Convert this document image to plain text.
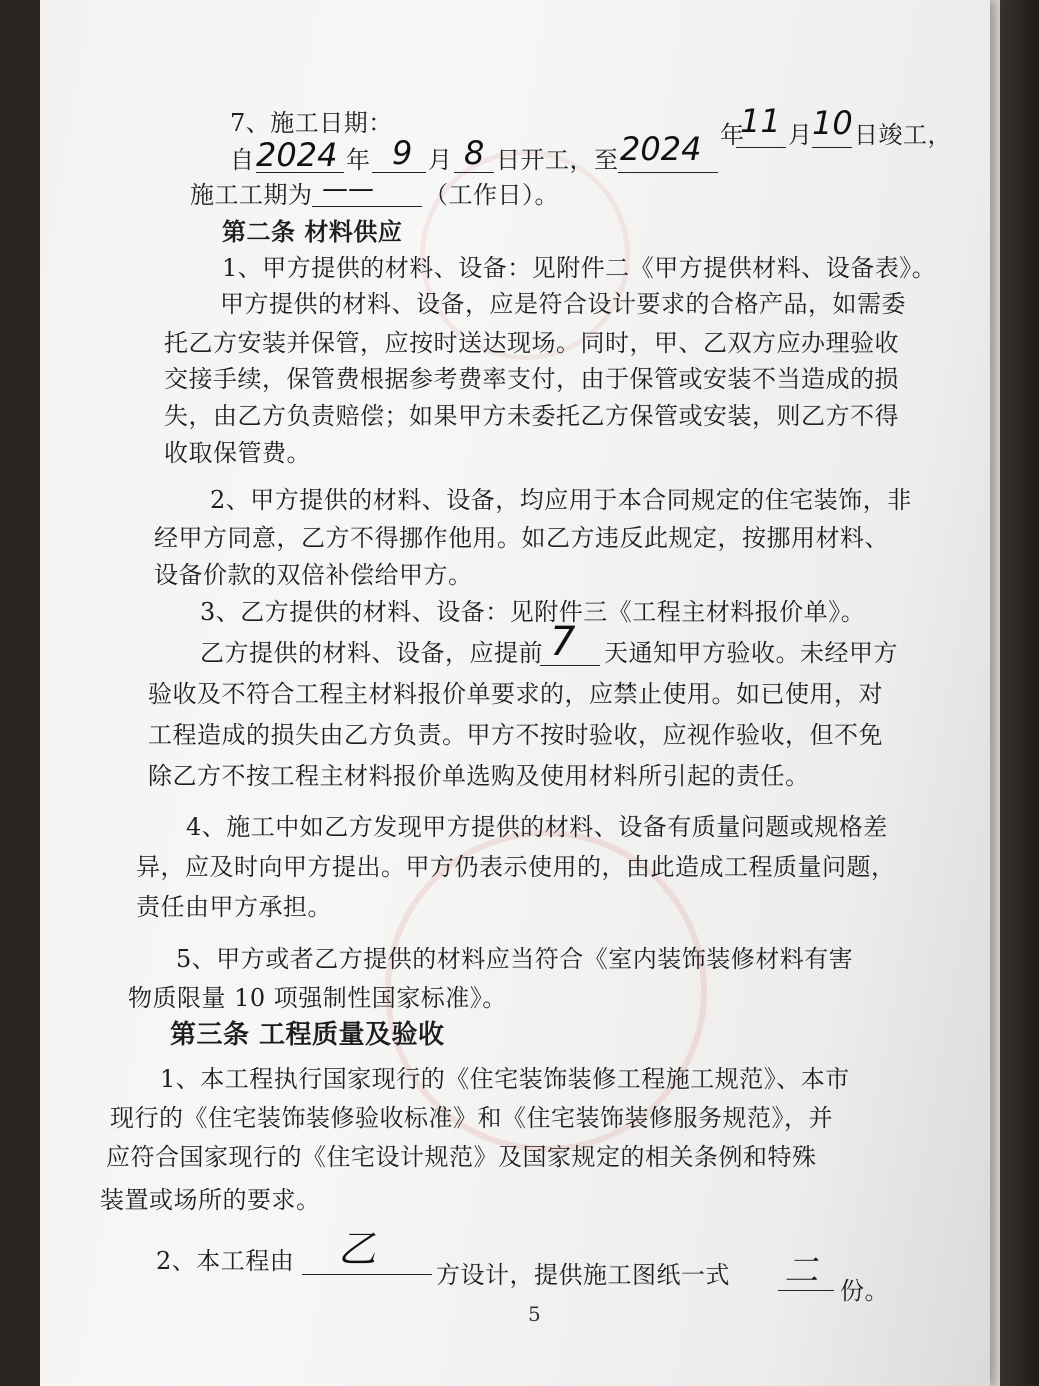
7、施工日期：
自 2024 年 9 月 8 日开工，至 2024 年
11 月 10 日竣工，
施工工期为 —— （工作日）。
第二条 材料供应
1、甲方提供的材料、设备：见附件二《甲方提供材料、设备表》。
甲方提供的材料、设备，应是符合设计要求的合格产品，如需委
托乙方安装并保管，应按时送达现场。同时，甲、乙双方应办理验收
交接手续，保管费根据参考费率支付，由于保管或安装不当造成的损
失，由乙方负责赔偿；如果甲方未委托乙方保管或安装，则乙方不得
收取保管费。
2、甲方提供的材料、设备，均应用于本合同规定的住宅装饰，非
经甲方同意，乙方不得挪作他用。如乙方违反此规定，按挪用材料、
设备价款的双倍补偿给甲方。
3、乙方提供的材料、设备：见附件三《工程主材料报价单》。
乙方提供的材料、设备，应提前 7 天通知甲方验收。未经甲方
验收及不符合工程主材料报价单要求的，应禁止使用。如已使用，对
工程造成的损失由乙方负责。甲方不按时验收，应视作验收，但不免
除乙方不按工程主材料报价单选购及使用材料所引起的责任。
4、施工中如乙方发现甲方提供的材料、设备有质量问题或规格差
异，应及时向甲方提出。甲方仍表示使用的，由此造成工程质量问题，
责任由甲方承担。
5、甲方或者乙方提供的材料应当符合《室内装饰装修材料有害
物质限量 10 项强制性国家标准》。
第三条 工程质量及验收
1、本工程执行国家现行的《住宅装饰装修工程施工规范》、本市
现行的《住宅装饰装修验收标准》和《住宅装饰装修服务规范》，并
应符合国家现行的《住宅设计规范》及国家规定的相关条例和特殊
装置或场所的要求。
2、本工程由 乙
方设计，提供施工图纸一式 二 份。
5
